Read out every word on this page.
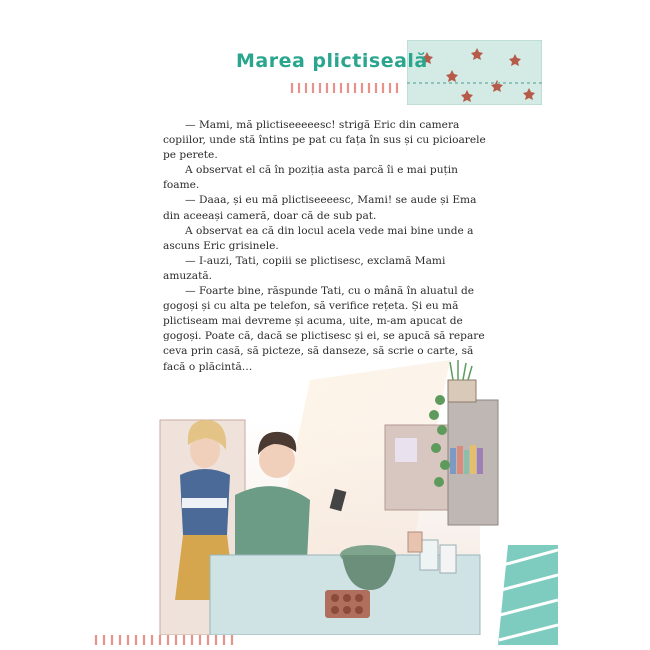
Marea plictiseală

— Mami, mă plictiseeeeesc! strigă Eric din camera copiilor, unde stă întins pe pat cu fața în sus și cu picioarele pe perete.

A observat el că în poziția asta parcă îi e mai puțin foame.

— Daaa, și eu mă plictiseeeesc, Mami! se aude și Ema din aceeași cameră, doar că de sub pat.

A observat ea că din locul acela vede mai bine unde a ascuns Eric grisinele.

— I-auzi, Tati, copiii se plictisesc, exclamă Mami amuzată.

— Foarte bine, răspunde Tati, cu o mână în aluatul de gogoși și cu alta pe telefon, să verifice rețeta. Și eu mă plictiseam mai devreme și acuma, uite, m-am apucat de gogoși. Poate că, dacă se plictisesc și ei, se apucă să repare ceva prin casă, să picteze, să danseze, să scrie o carte, să facă o plăcintă…
